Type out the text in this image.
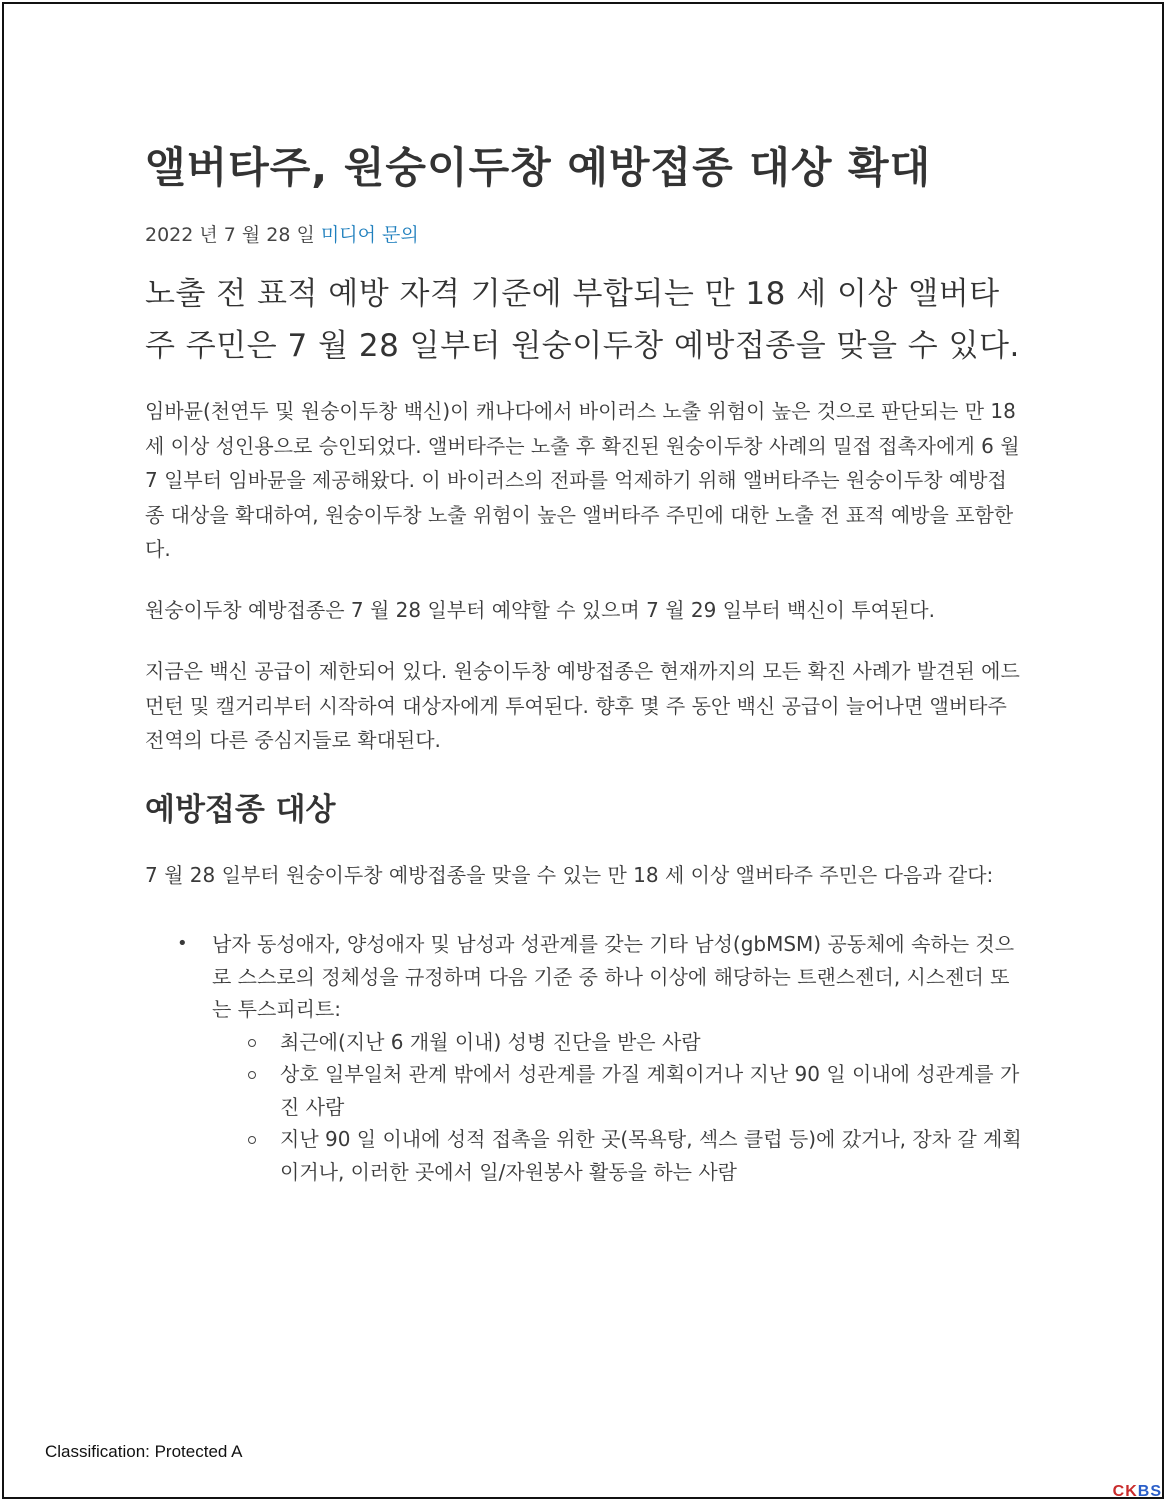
앨버타주, 원숭이두창 예방접종 대상 확대
2022 년 7 월 28 일 미디어 문의
노출 전 표적 예방 자격 기준에 부합되는 만 18 세 이상 앨버타주 주민은 7 월 28 일부터 원숭이두창 예방접종을 맞을 수 있다.
임바뮨(천연두 및 원숭이두창 백신)이 캐나다에서 바이러스 노출 위험이 높은 것으로 판단되는 만 18 세 이상 성인용으로 승인되었다. 앨버타주는 노출 후 확진된 원숭이두창 사례의 밀접 접촉자에게 6 월 7 일부터 임바뮨을 제공해왔다. 이 바이러스의 전파를 억제하기 위해 앨버타주는 원숭이두창 예방접종 대상을 확대하여, 원숭이두창 노출 위험이 높은 앨버타주 주민에 대한 노출 전 표적 예방을 포함한다.
원숭이두창 예방접종은 7 월 28 일부터 예약할 수 있으며 7 월 29 일부터 백신이 투여된다.
지금은 백신 공급이 제한되어 있다. 원숭이두창 예방접종은 현재까지의 모든 확진 사례가 발견된 에드먼턴 및 캘거리부터 시작하여 대상자에게 투여된다. 향후 몇 주 동안 백신 공급이 늘어나면 앨버타주 전역의 다른 중심지들로 확대된다.
예방접종 대상
7 월 28 일부터 원숭이두창 예방접종을 맞을 수 있는 만 18 세 이상 앨버타주 주민은 다음과 같다:
• 남자 동성애자, 양성애자 및 남성과 성관계를 갖는 기타 남성(gbMSM) 공동체에 속하는 것으로 스스로의 정체성을 규정하며 다음 기준 중 하나 이상에 해당하는 트랜스젠더, 시스젠더 또는 투스피리트:
최근에(지난 6 개월 이내) 성병 진단을 받은 사람
상호 일부일처 관계 밖에서 성관계를 가질 계획이거나 지난 90 일 이내에 성관계를 가진 사람
지난 90 일 이내에 성적 접촉을 위한 곳(목욕탕, 섹스 클럽 등)에 갔거나, 장차 갈 계획이거나, 이러한 곳에서 일/자원봉사 활동을 하는 사람
Classification: Protected A
CKBS
